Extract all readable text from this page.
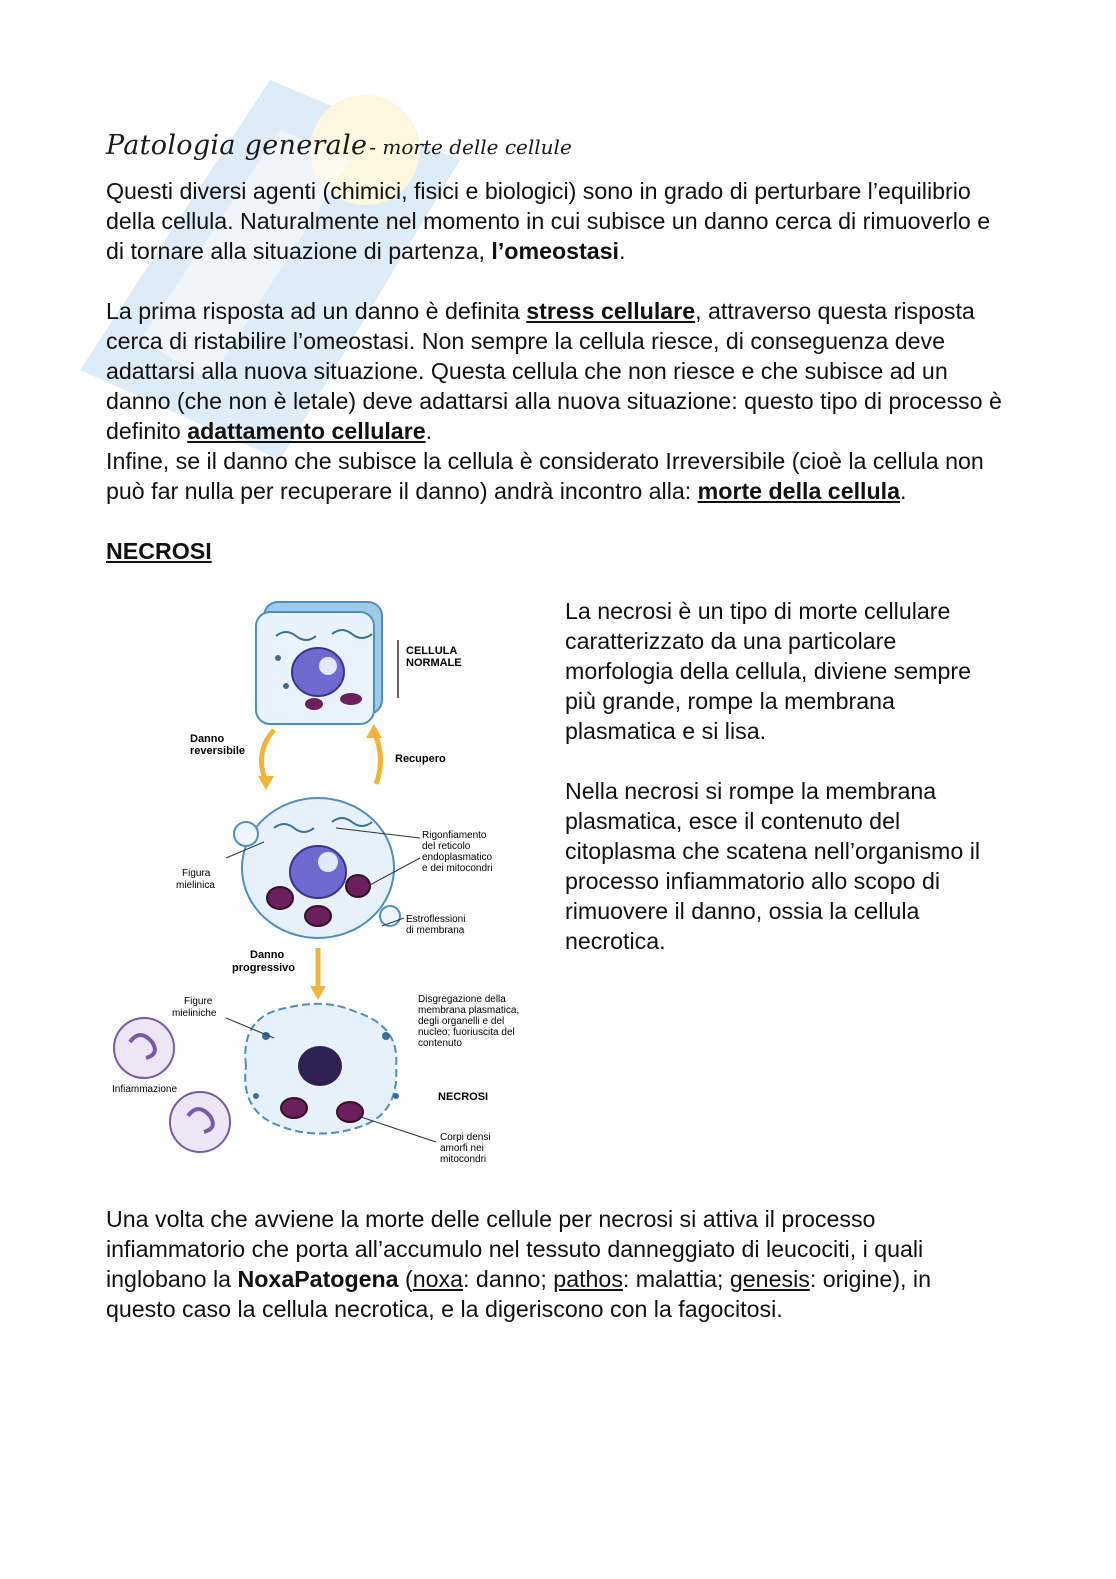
Patologia generale - morte delle cellule

Questi diversi agenti (chimici, fisici e biologici) sono in grado di perturbare l’equilibrio della cellula. Naturalmente nel momento in cui subisce un danno cerca di rimuoverlo e di tornare alla situazione di partenza, l’omeostasi.

La prima risposta ad un danno è definita stress cellulare, attraverso questa risposta cerca di ristabilire l’omeostasi. Non sempre la cellula riesce, di conseguenza deve adattarsi alla nuova situazione. Questa cellula che non riesce e che subisce ad un danno (che non è letale) deve adattarsi alla nuova situazione: questo tipo di processo è definito adattamento cellulare.

Infine, se il danno che subisce la cellula è considerato Irreversibile (cioè la cellula non può far nulla per recuperare il danno) andrà incontro alla: morte della cellula.

NECROSI
CELLULA
NORMALE
Danno
reversibile
Recupero
Rigonfiamento
del reticolo
endoplasmatico
e dei mitocondri
Figura
mielinica
Estroflessioni
di membrana
Danno
progressivo
Figure
mieliniche
Disgregazione della
membrana plasmatica,
degli organelli e del
nucleo; fuoriuscita del
contenuto
Infiammazione
NECROSI
Corpi densi
amorfi nei
mitocondri

La necrosi è un tipo di morte cellulare caratterizzato da una particolare morfologia della cellula, diviene sempre più grande, rompe la membrana plasmatica e si lisa.

Nella necrosi si rompe la membrana plasmatica, esce il contenuto del citoplasma che scatena nell’organismo il processo infiammatorio allo scopo di rimuovere il danno, ossia la cellula necrotica.

Una volta che avviene la morte delle cellule per necrosi si attiva il processo infiammatorio che porta all’accumulo nel tessuto danneggiato di leucociti, i quali inglobano la NoxaPatogena (noxa: danno; pathos: malattia; genesis: origine), in questo caso la cellula necrotica, e la digeriscono con la fagocitosi.
